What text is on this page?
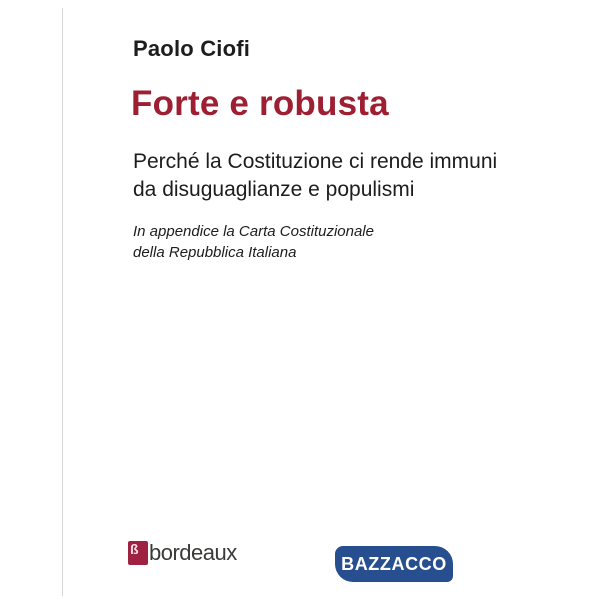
Paolo Ciofi
Forte e robusta
Perché la Costituzione ci rende immuni
da disuguaglianze e populismi
In appendice la Carta Costituzionale
della Repubblica Italiana
ß bordeaux	BAZZACCO
